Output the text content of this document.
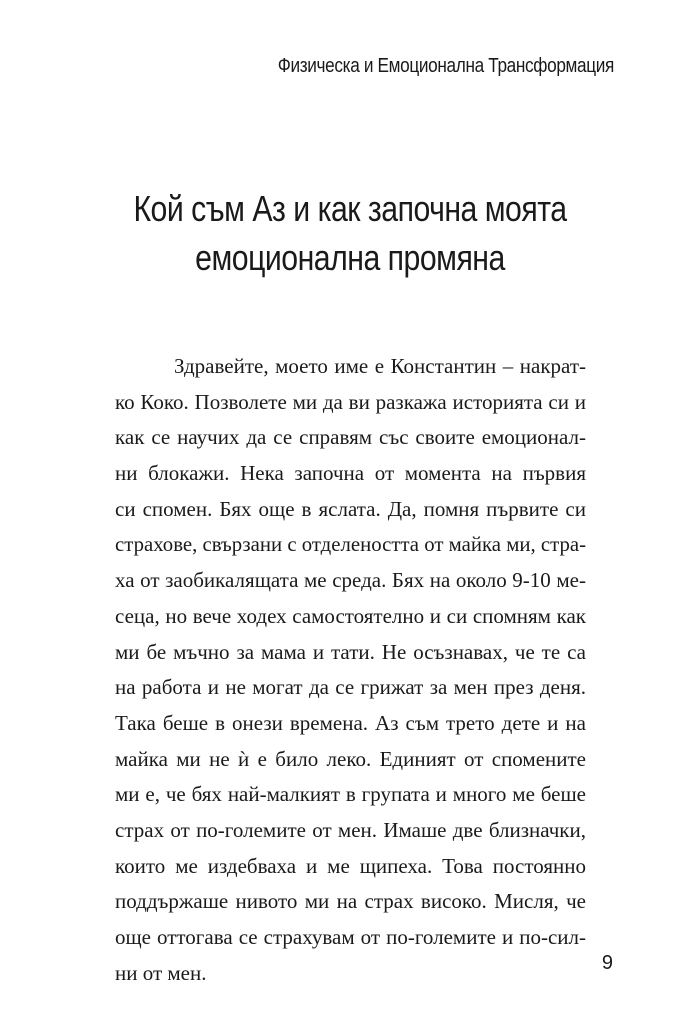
Физическа и Емоционална Трансформация
Кой съм Аз и как започна моята
емоционална промяна
Здравейте, моето име е Константин – накрат-
ко Коко. Позволете ми да ви разкажа историята си и
как се научих да се справям със своите емоционал-
ни блокажи. Нека започна от момента на първия
си спомен. Бях още в яслата. Да, помня първите си
страхове, свързани с отделеността от майка ми, стра-
ха от заобикалящата ме среда. Бях на около 9-10 ме-
сеца, но вече ходех самостоятелно и си спомням как
ми бе мъчно за мама и тати. Не осъзнавах, че те са
на работа и не могат да се грижат за мен през деня.
Така беше в онези времена. Аз съм трето дете и на
майка ми не ѝ е било леко. Единият от спомените
ми е, че бях най-малкият в групата и много ме беше
страх от по-големите от мен. Имаше две близначки,
които ме издебваха и ме щипеха. Това постоянно
поддържаше нивото ми на страх високо. Мисля, че
още оттогава се страхувам от по-големите и по-сил-
ни от мен.	9
